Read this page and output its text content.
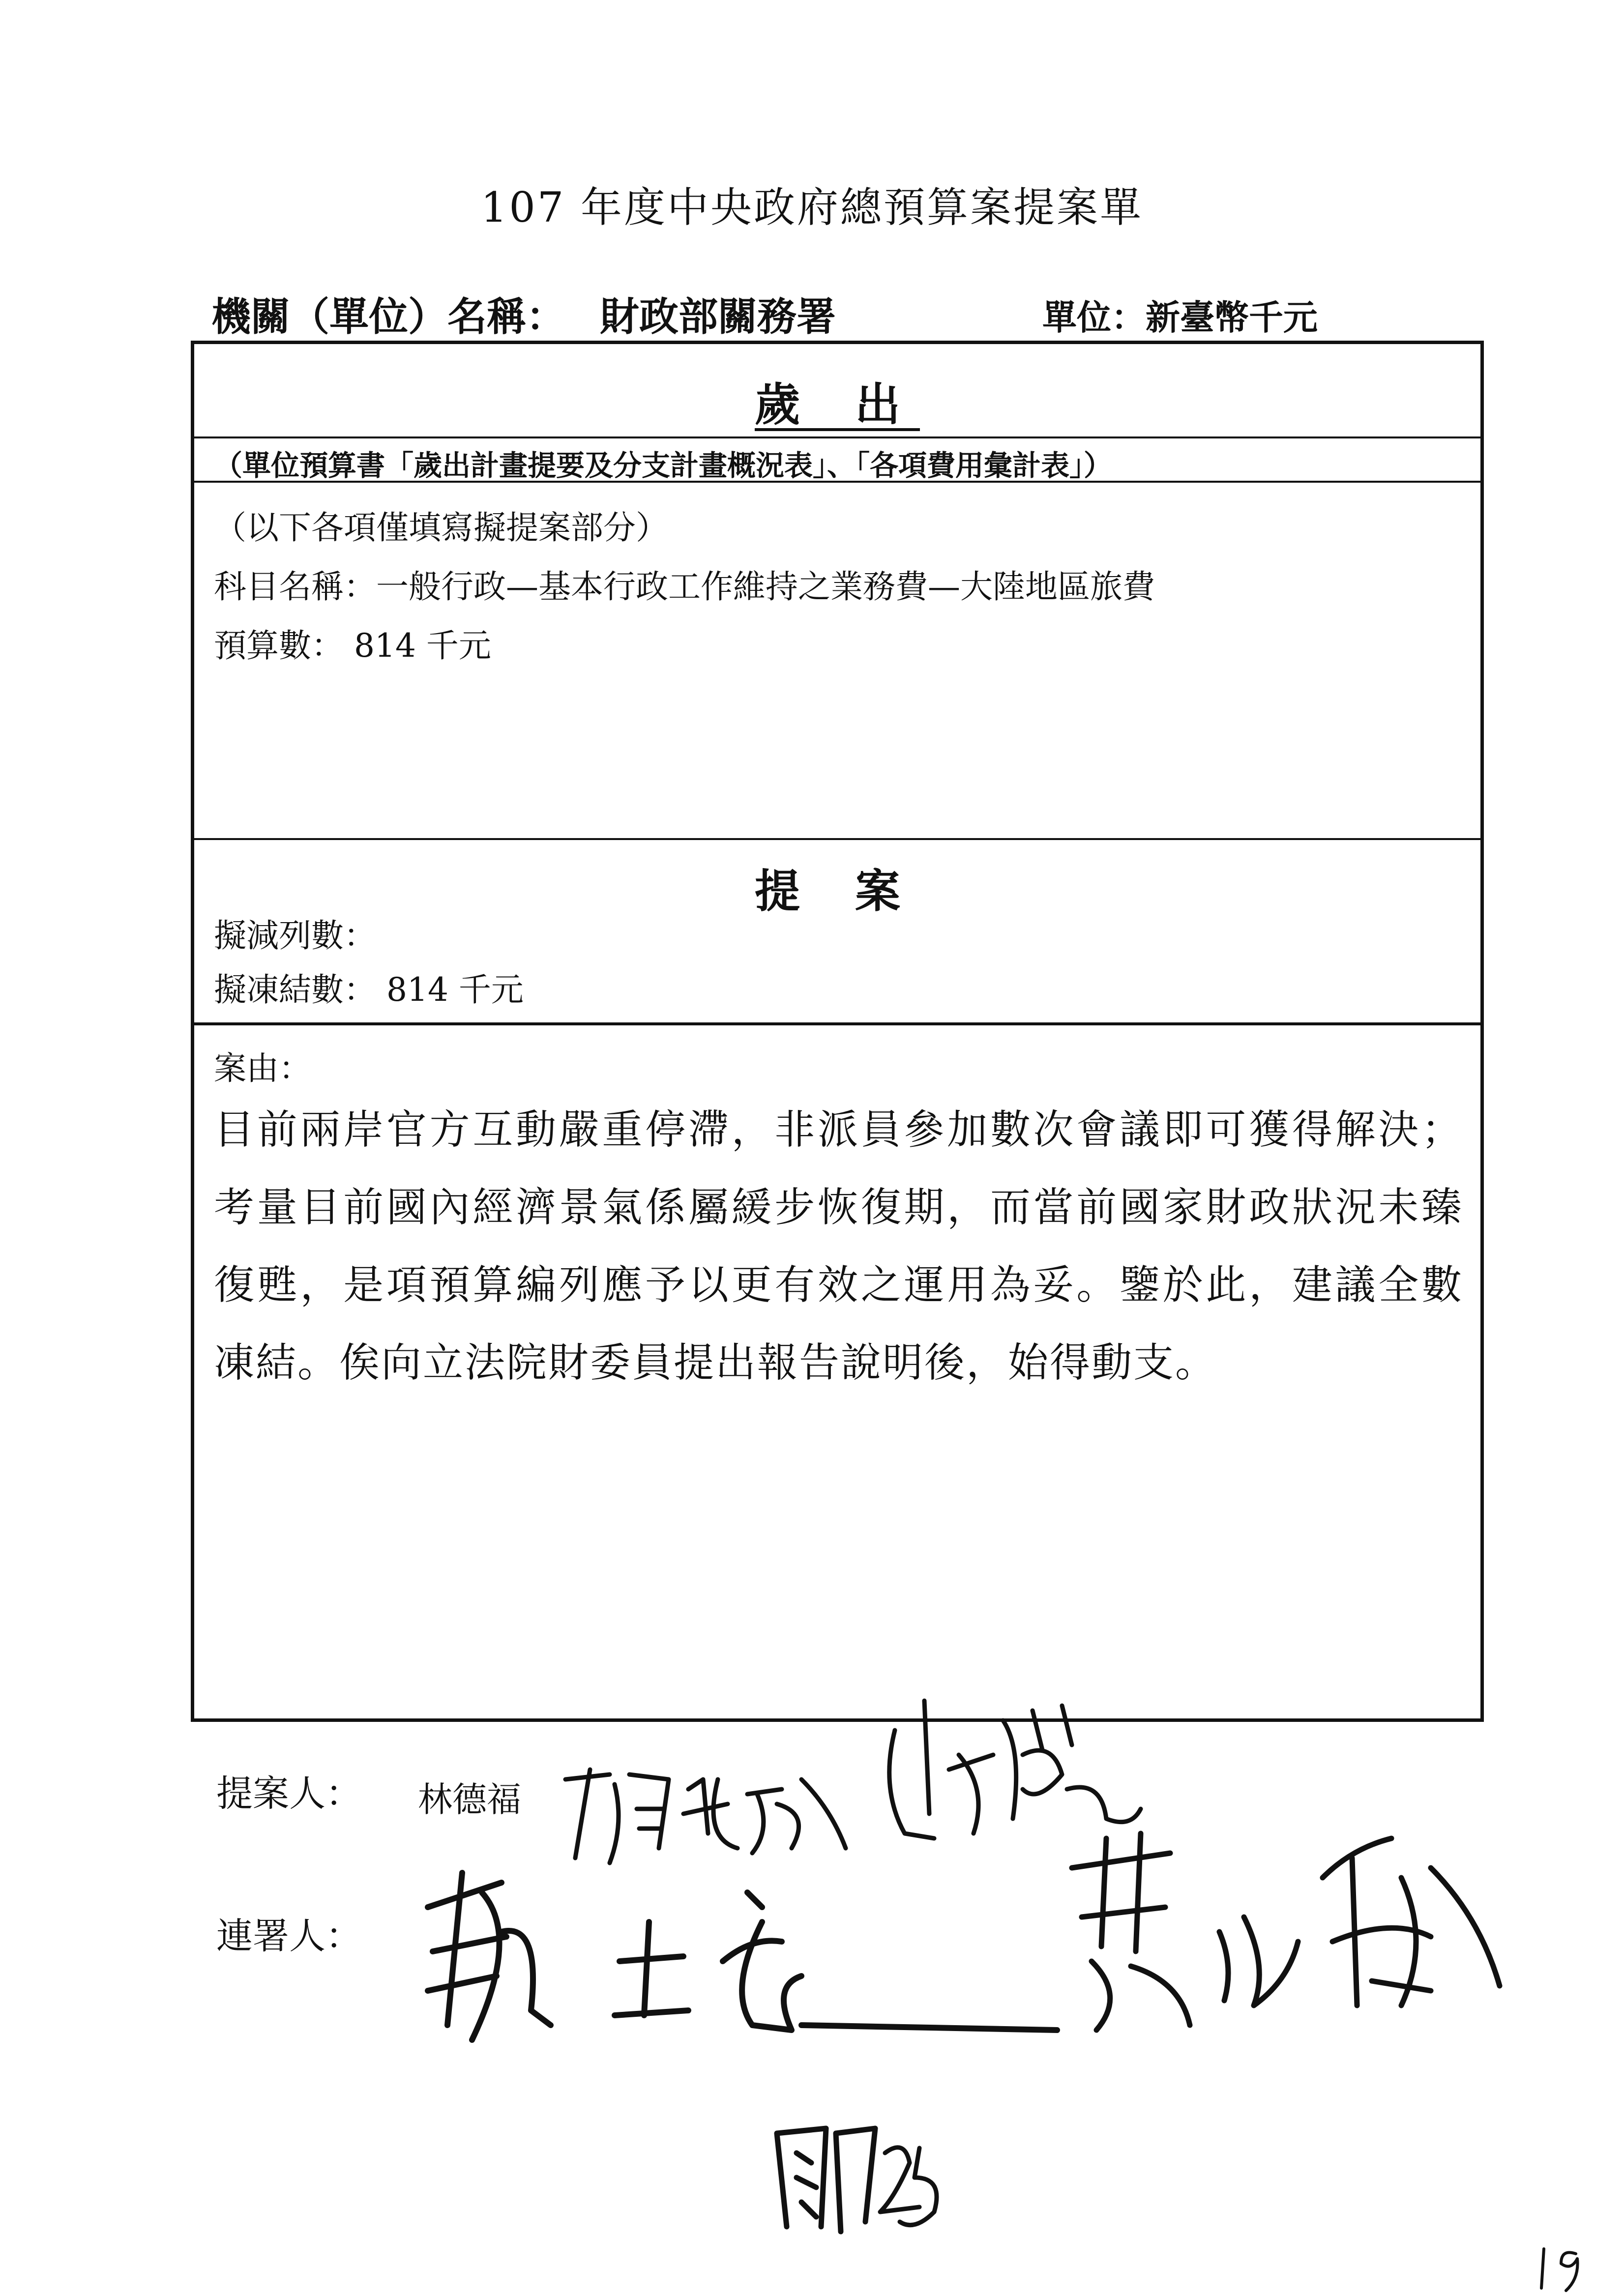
107 年度中央政府總預算案提案單
機關（單位）名稱： 財政部關務署	單位：新臺幣千元
歲 出
（單位預算書「歲出計畫提要及分支計畫概況表」、「各項費用彙計表」）
（以下各項僅填寫擬提案部分）
科目名稱：一般行政—基本行政工作維持之業務費—大陸地區旅費
預算數： 814 千元
提 案
擬減列數：
擬凍結數： 814 千元
案由：
目前兩岸官方互動嚴重停滯，非派員參加數次會議即可獲得解決；考量目前國內經濟景氣係屬緩步恢復期，而當前國家財政狀況未臻復甦，是項預算編列應予以更有效之運用為妥。鑒於此，建議全數凍結。俟向立法院財委員提出報告說明後，始得動支。
提案人： 林德福
連署人：
